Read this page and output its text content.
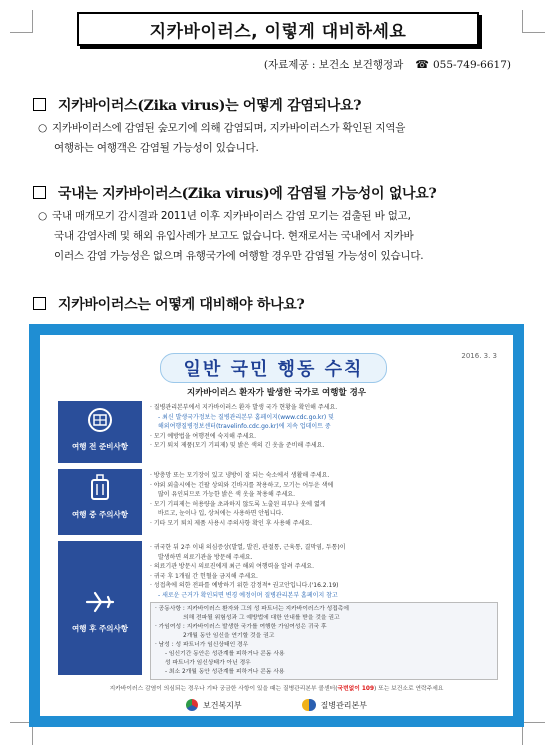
지카바이러스, 이렇게 대비하세요
(자료제공 : 보건소 보건행정과 ☎ 055-749-6617)
지카바이러스(Zika virus)는 어떻게 감염되나요?
○ 지카바이러스에 감염된 숲모기에 의해 감염되며, 지카바이러스가 확인된 지역을
여행하는 여행객은 감염될 가능성이 있습니다.
국내는 지카바이러스(Zika virus)에 감염될 가능성이 없나요?
○ 국내 매개모기 감시결과 2011년 이후 지카바이러스 감염 모기는 검출된 바 없고,
국내 감염사례 및 해외 유입사례가 보고도 없습니다. 현재로서는 국내에서 지카바
이러스 감염 가능성은 없으며 유행국가에 여행할 경우만 감염될 가능성이 있습니다.
지카바이러스는 어떻게 대비해야 하나요?
일반 국민 행동 수칙
2016. 3. 3
지카바이러스 환자가 발생한 국가로 여행할 경우
여행 전 준비사항
· 질병관리본부에서 지카바이러스 환자 발생 국가 현황을 확인해 주세요.
- 최신 발생국가정보는 질병관리본부 홈페이지(www.cdc.go.kr) 및
해외여행질병정보센터(travelinfo.cdc.go.kr)에 지속 업데이트 중
· 모기 예방법을 여행전에 숙지해 주세요.
· 모기 퇴치 제품(모기 기피제) 및 밝은 색의 긴 옷을 준비해 주세요.
여행 중 주의사항
· 방충망 또는 모기장이 있고 냉방이 잘 되는 숙소에서 생활해 주세요.
· 야외 외출시에는 긴팔 상의와 긴바지를 착용하고, 모기는 어두운 색에
많이 유인되므로 가능한 밝은 색 옷을 착용해 주세요.
· 모기 기피제는 허용량을 초과하지 않도록 노출된 피부나 옷에 엷게
바르고, 눈이나 입, 상처에는 사용하면 안됩니다.
· 기타 모기 퇴치 제품 사용시 주의사항 확인 후 사용해 주세요.
여행 후 주의사항
· 귀국한 뒤 2주 이내 의심증상(발열, 발진, 관절통, 근육통, 결막염, 두통)이
발생하면 의료기관을 방문해 주세요.
· 의료기관 방문시 의료진에게 최근 해외 여행력을 알려 주세요.
· 귀국 후 1개월 간 헌혈을 금지해 주세요.
· 성접촉에 의한 전파를 예방하기 위한 감정적* 권고안입니다.('16.2.19)
- 새로운 근거가 확인되면 변경 예정이며 질병관리본부 홈페이지 참고
· 공동사항 : 지카바이러스 환자와 그의 성 파트너는 지카바이러스가 성접촉에
의해 전파될 위험성과 그 예방법에 대한 안내를 받을 것을 권고
· 가임여성 : 지카바이러스 발생한 국가를 여행한 가임여성은 귀국 후
2개월 동안 임신을 연기할 것을 권고
· 남성 : 성 파트너가 임신상태인 경우
- 임신기간 동안은 성관계를 피하거나 콘돔 사용
성 파트너가 임신상태가 아닌 경우
- 최소 2개월 동안 성관계를 피하거나 콘돔 사용
지카바이러스 감염이 의심되는 경우나 기타 궁금한 사항이 있을 때는 질병관리본부 콜센터(국번없이 109) 또는 보건소로 연락주세요
보건복지부	질병관리본부
